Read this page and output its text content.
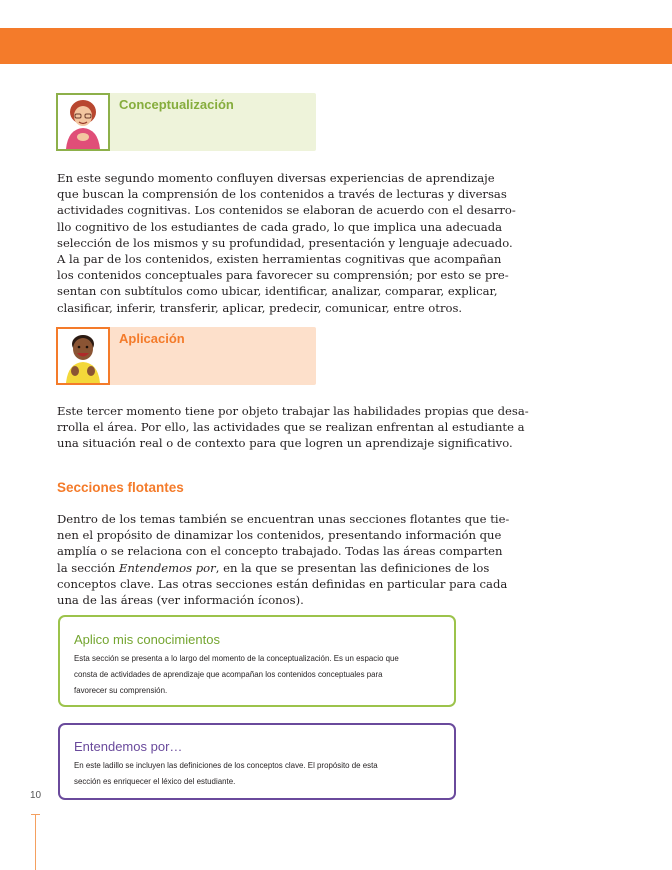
Conceptualización
En este segundo momento confluyen diversas experiencias de aprendizaje
que buscan la comprensión de los contenidos a través de lecturas y diversas
actividades cognitivas. Los contenidos se elaboran de acuerdo con el desarro-
llo cognitivo de los estudiantes de cada grado, lo que implica una adecuada
selección de los mismos y su profundidad, presentación y lenguaje adecuado.
A la par de los contenidos, existen herramientas cognitivas que acompañan
los contenidos conceptuales para favorecer su comprensión; por esto se pre-
sentan con subtítulos como ubicar, identificar, analizar, comparar, explicar,
clasificar, inferir, transferir, aplicar, predecir, comunicar, entre otros.
Aplicación
Este tercer momento tiene por objeto trabajar las habilidades propias que desa-
rrolla el área. Por ello, las actividades que se realizan enfrentan al estudiante a
una situación real o de contexto para que logren un aprendizaje significativo.
Secciones flotantes
Dentro de los temas también se encuentran unas secciones flotantes que tie-
nen el propósito de dinamizar los contenidos, presentando información que
amplía o se relaciona con el concepto trabajado. Todas las áreas comparten
la sección Entendemos por, en la que se presentan las definiciones de los
conceptos clave. Las otras secciones están definidas en particular para cada
una de las áreas (ver información íconos).
Aplico mis conocimientos
Esta sección se presenta a lo largo del momento de la conceptualización. Es un espacio que
consta de actividades de aprendizaje que acompañan los contenidos conceptuales para
favorecer su comprensión.
Entendemos por…
En este ladillo se incluyen las definiciones de los conceptos clave. El propósito de esta
sección es enriquecer el léxico del estudiante.
10
